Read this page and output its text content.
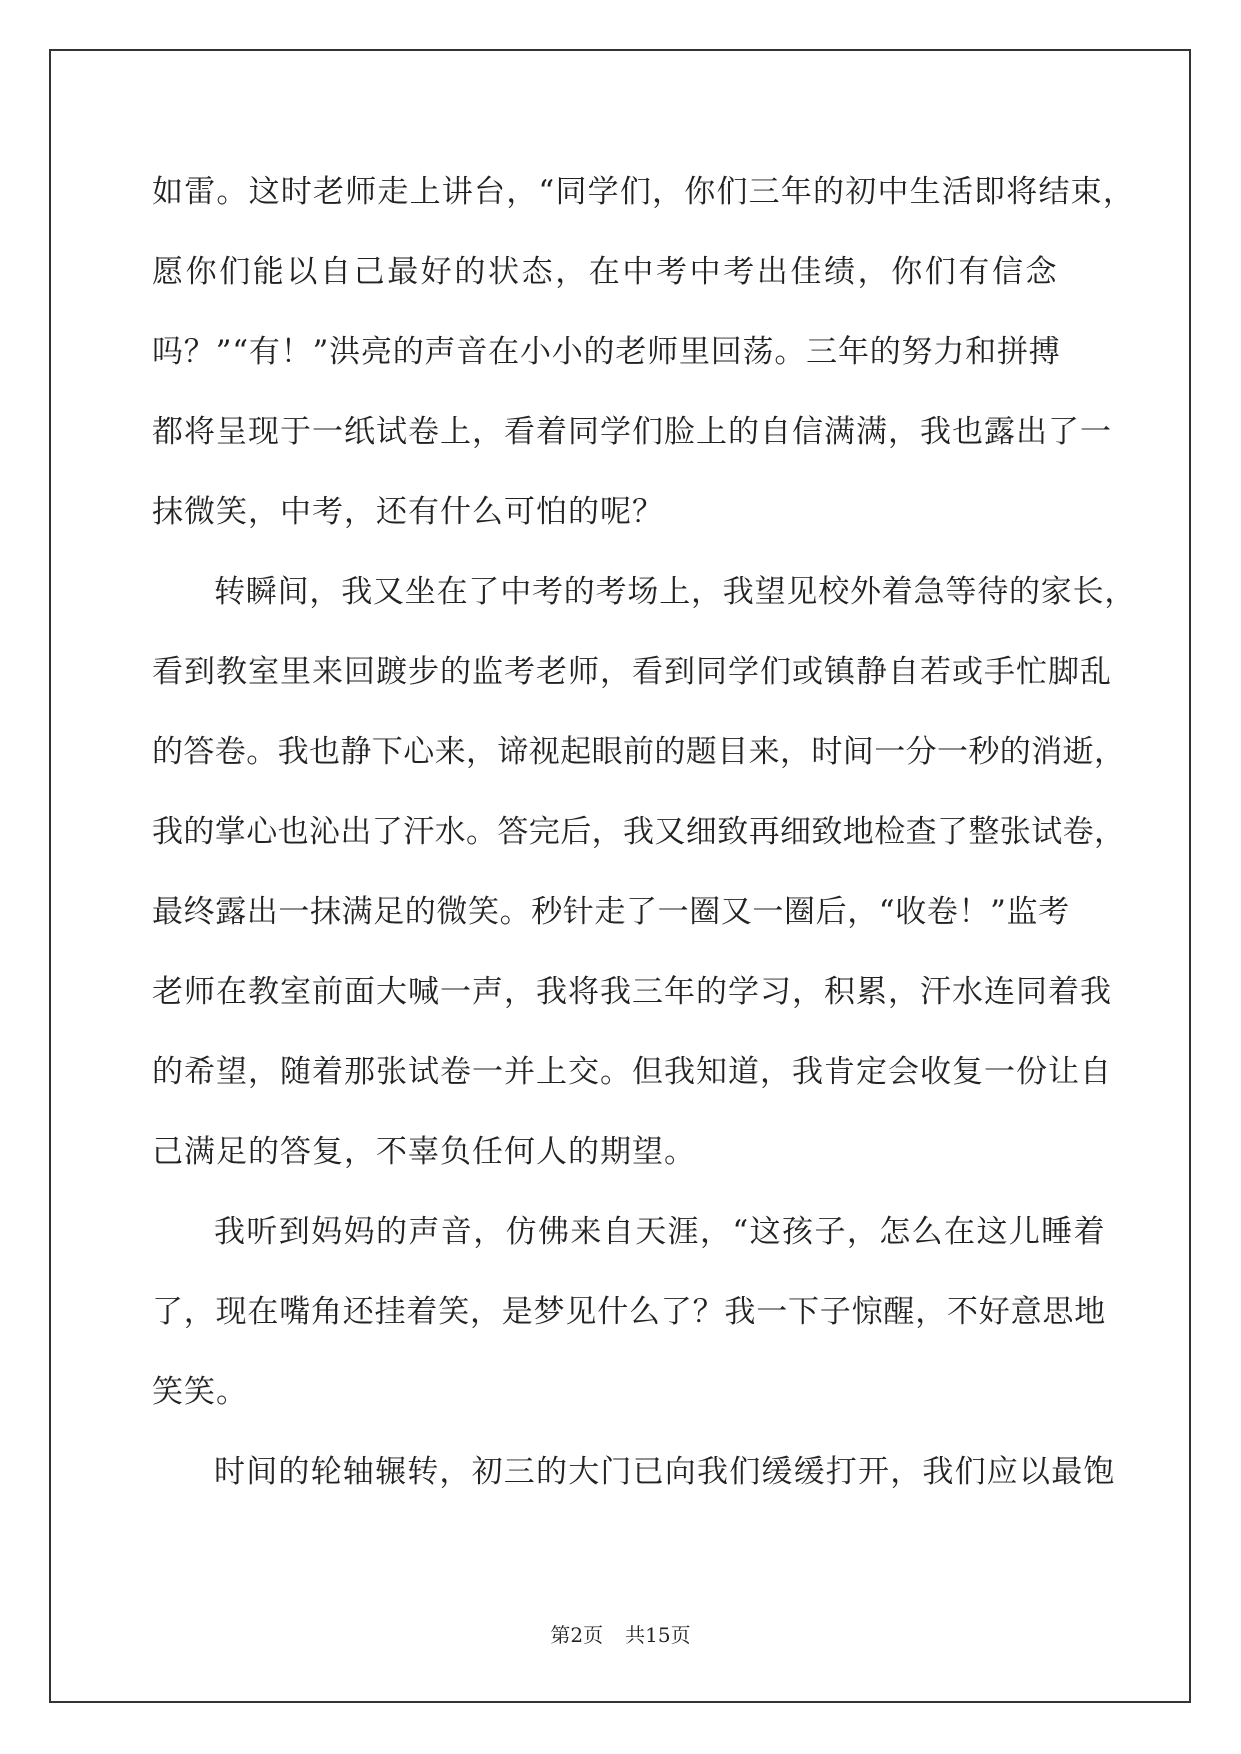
如雷。这时老师走上讲台，“同学们，你们三年的初中生活即将结束，
愿你们能以自己最好的状态，在中考中考出佳绩，你们有信念
吗？”“有！”洪亮的声音在小小的老师里回荡。三年的努力和拼搏
都将呈现于一纸试卷上，看着同学们脸上的自信满满，我也露出了一
抹微笑，中考，还有什么可怕的呢？
转瞬间，我又坐在了中考的考场上，我望见校外着急等待的家长，
看到教室里来回踱步的监考老师，看到同学们或镇静自若或手忙脚乱
的答卷。我也静下心来，谛视起眼前的题目来，时间一分一秒的消逝，
我的掌心也沁出了汗水。答完后，我又细致再细致地检查了整张试卷，
最终露出一抹满足的微笑。秒针走了一圈又一圈后，“收卷！”监考
老师在教室前面大喊一声，我将我三年的学习，积累，汗水连同着我
的希望，随着那张试卷一并上交。但我知道，我肯定会收复一份让自
己满足的答复，不辜负任何人的期望。
我听到妈妈的声音，仿佛来自天涯，“这孩子，怎么在这儿睡着
了，现在嘴角还挂着笑，是梦见什么了？我一下子惊醒，不好意思地
笑笑。
时间的轮轴辗转，初三的大门已向我们缓缓打开，我们应以最饱
第2页 共15页
